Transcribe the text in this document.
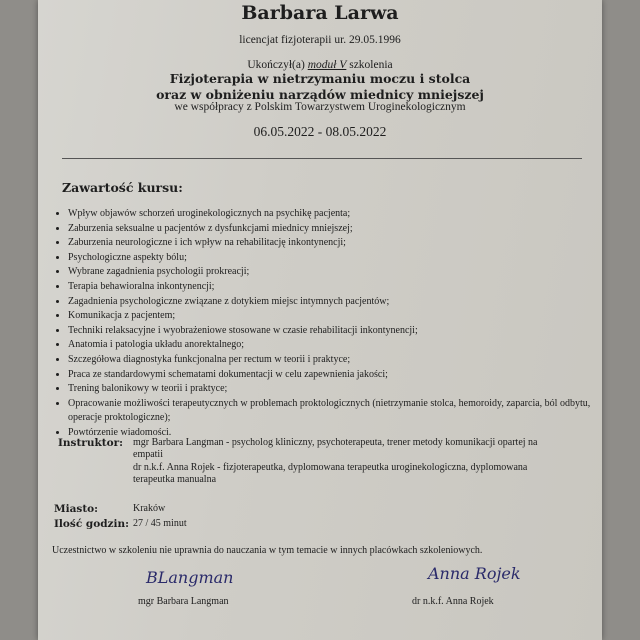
Barbara Larwa
licencjat fizjoterapii ur. 29.05.1996
Ukończył(a) moduł V szkolenia
Fizjoterapia w nietrzymaniu moczu i stolca
oraz w obniżeniu narządów miednicy mniejszej
we współpracy z Polskim Towarzystwem Uroginekologicznym
06.05.2022 - 08.05.2022
Zawartość kursu:
• Wpływ objawów schorzeń uroginekologicznych na psychikę pacjenta;
• Zaburzenia seksualne u pacjentów z dysfunkcjami miednicy mniejszej;
• Zaburzenia neurologiczne i ich wpływ na rehabilitację inkontynencji;
• Psychologiczne aspekty bólu;
• Wybrane zagadnienia psychologii prokreacji;
• Terapia behawioralna inkontynencji;
• Zagadnienia psychologiczne związane z dotykiem miejsc intymnych pacjentów;
• Komunikacja z pacjentem;
• Techniki relaksacyjne i wyobrażeniowe stosowane w czasie rehabilitacji inkontynencji;
• Anatomia i patologia układu anorektalnego;
• Szczegółowa diagnostyka funkcjonalna per rectum w teorii i praktyce;
• Praca ze standardowymi schematami dokumentacji w celu zapewnienia jakości;
• Trening balonikowy w teorii i praktyce;
• Opracowanie możliwości terapeutycznych w problemach proktologicznych (nietrzymanie stolca, hemoroidy, zaparcia, ból odbytu, operacje proktologiczne);
• Powtórzenie wiadomości.
Instruktor: mgr Barbara Langman - psycholog kliniczny, psychoterapeuta, trener metody komunikacji opartej na empatii

dr n.k.f. Anna Rojek - fizjoterapeutka, dyplomowana terapeutka uroginekologiczna, dyplomowana terapeutka manualna

Miasto:	Kraków
Ilość godzin: 27 / 45 minut
Uczestnictwo w szkoleniu nie uprawnia do nauczania w tym temacie w innych placówkach szkoleniowych.
BLangman
mgr Barbara Langman
Anna Rojek
dr n.k.f. Anna Rojek
